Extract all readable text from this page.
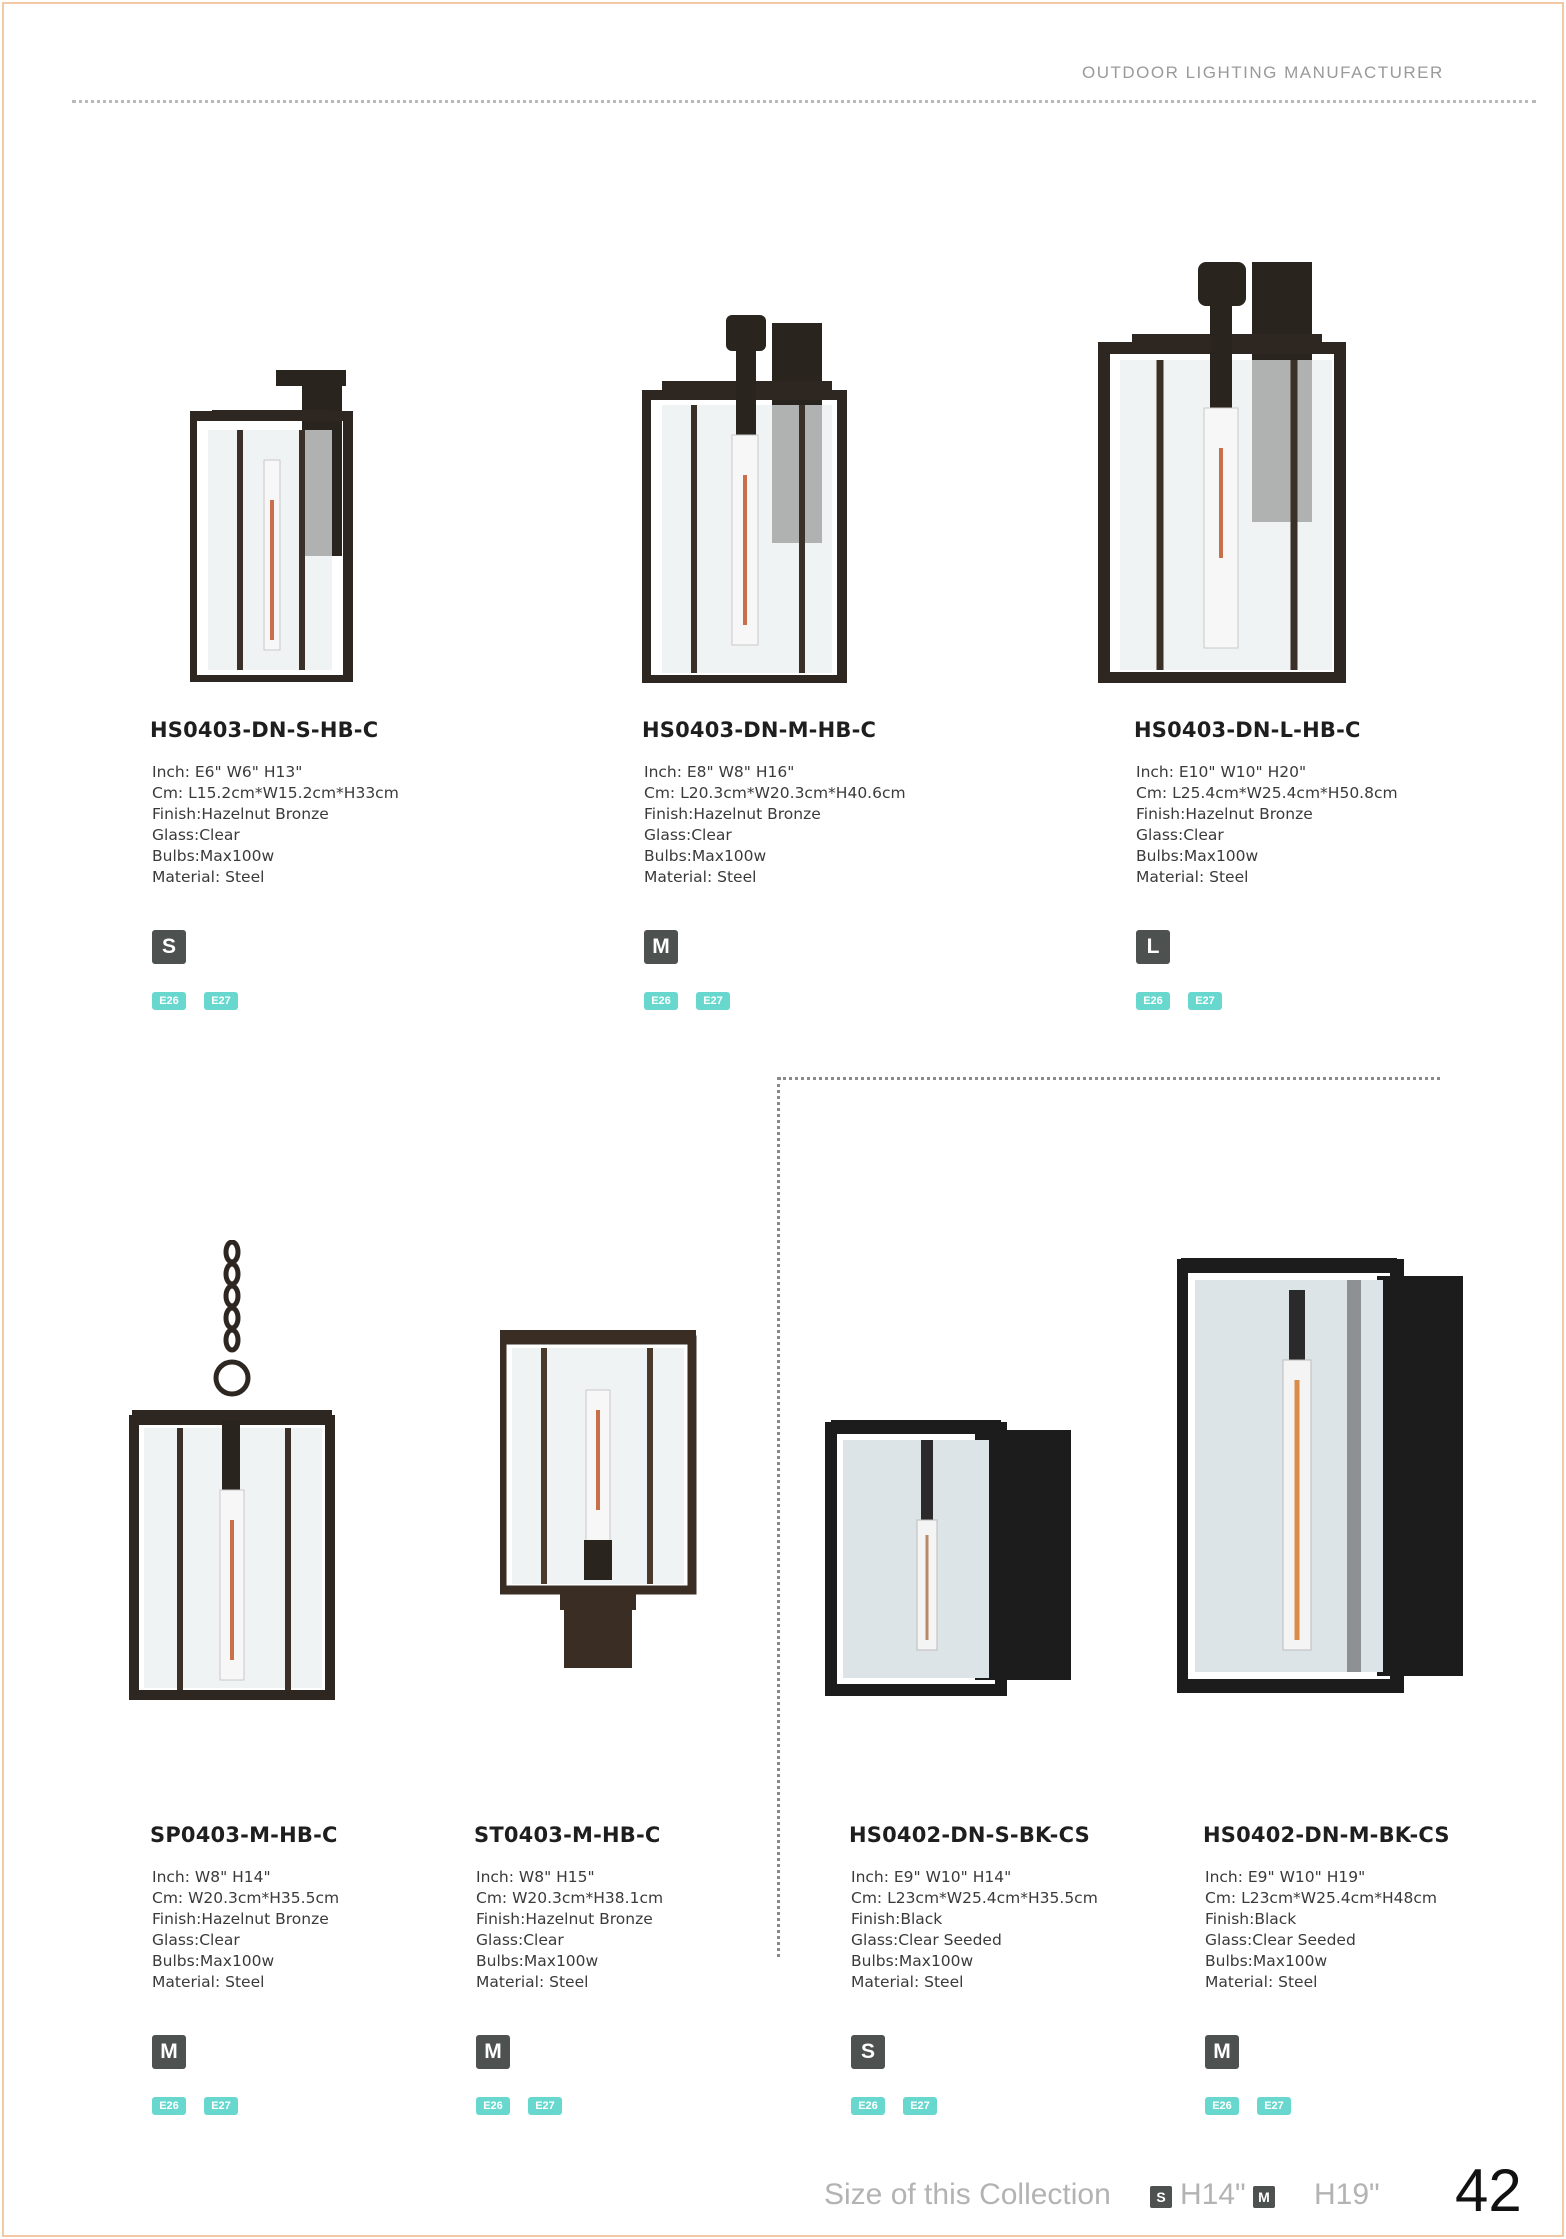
OUTDOOR LIGHTING MANUFACTURER
HS0403-DN-S-HB-C
Inch: E6" W6" H13"
Cm: L15.2cm*W15.2cm*H33cm
Finish:Hazelnut Bronze
Glass:Clear
Bulbs:Max100w
Material: Steel
S
E26	E27
HS0403-DN-M-HB-C
Inch: E8" W8" H16"
Cm: L20.3cm*W20.3cm*H40.6cm
Finish:Hazelnut Bronze
Glass:Clear
Bulbs:Max100w
Material: Steel
M
E26	E27
HS0403-DN-L-HB-C
Inch: E10" W10" H20"
Cm: L25.4cm*W25.4cm*H50.8cm
Finish:Hazelnut Bronze
Glass:Clear
Bulbs:Max100w
Material: Steel
L
E26	E27
SP0403-M-HB-C
Inch: W8" H14"
Cm: W20.3cm*H35.5cm
Finish:Hazelnut Bronze
Glass:Clear
Bulbs:Max100w
Material: Steel
M
E26	E27
ST0403-M-HB-C
Inch: W8" H15"
Cm: W20.3cm*H38.1cm
Finish:Hazelnut Bronze
Glass:Clear
Bulbs:Max100w
Material: Steel
M
E26	E27
HS0402-DN-S-BK-CS
Inch: E9" W10" H14"
Cm: L23cm*W25.4cm*H35.5cm
Finish:Black
Glass:Clear Seeded
Bulbs:Max100w
Material: Steel
S
E26	E27
HS0402-DN-M-BK-CS
Inch: E9" W10" H19"
Cm: L23cm*W25.4cm*H48cm
Finish:Black
Glass:Clear Seeded
Bulbs:Max100w
Material: Steel
M
E26	E27
Size of this Collection	S H14" M H19" 42
